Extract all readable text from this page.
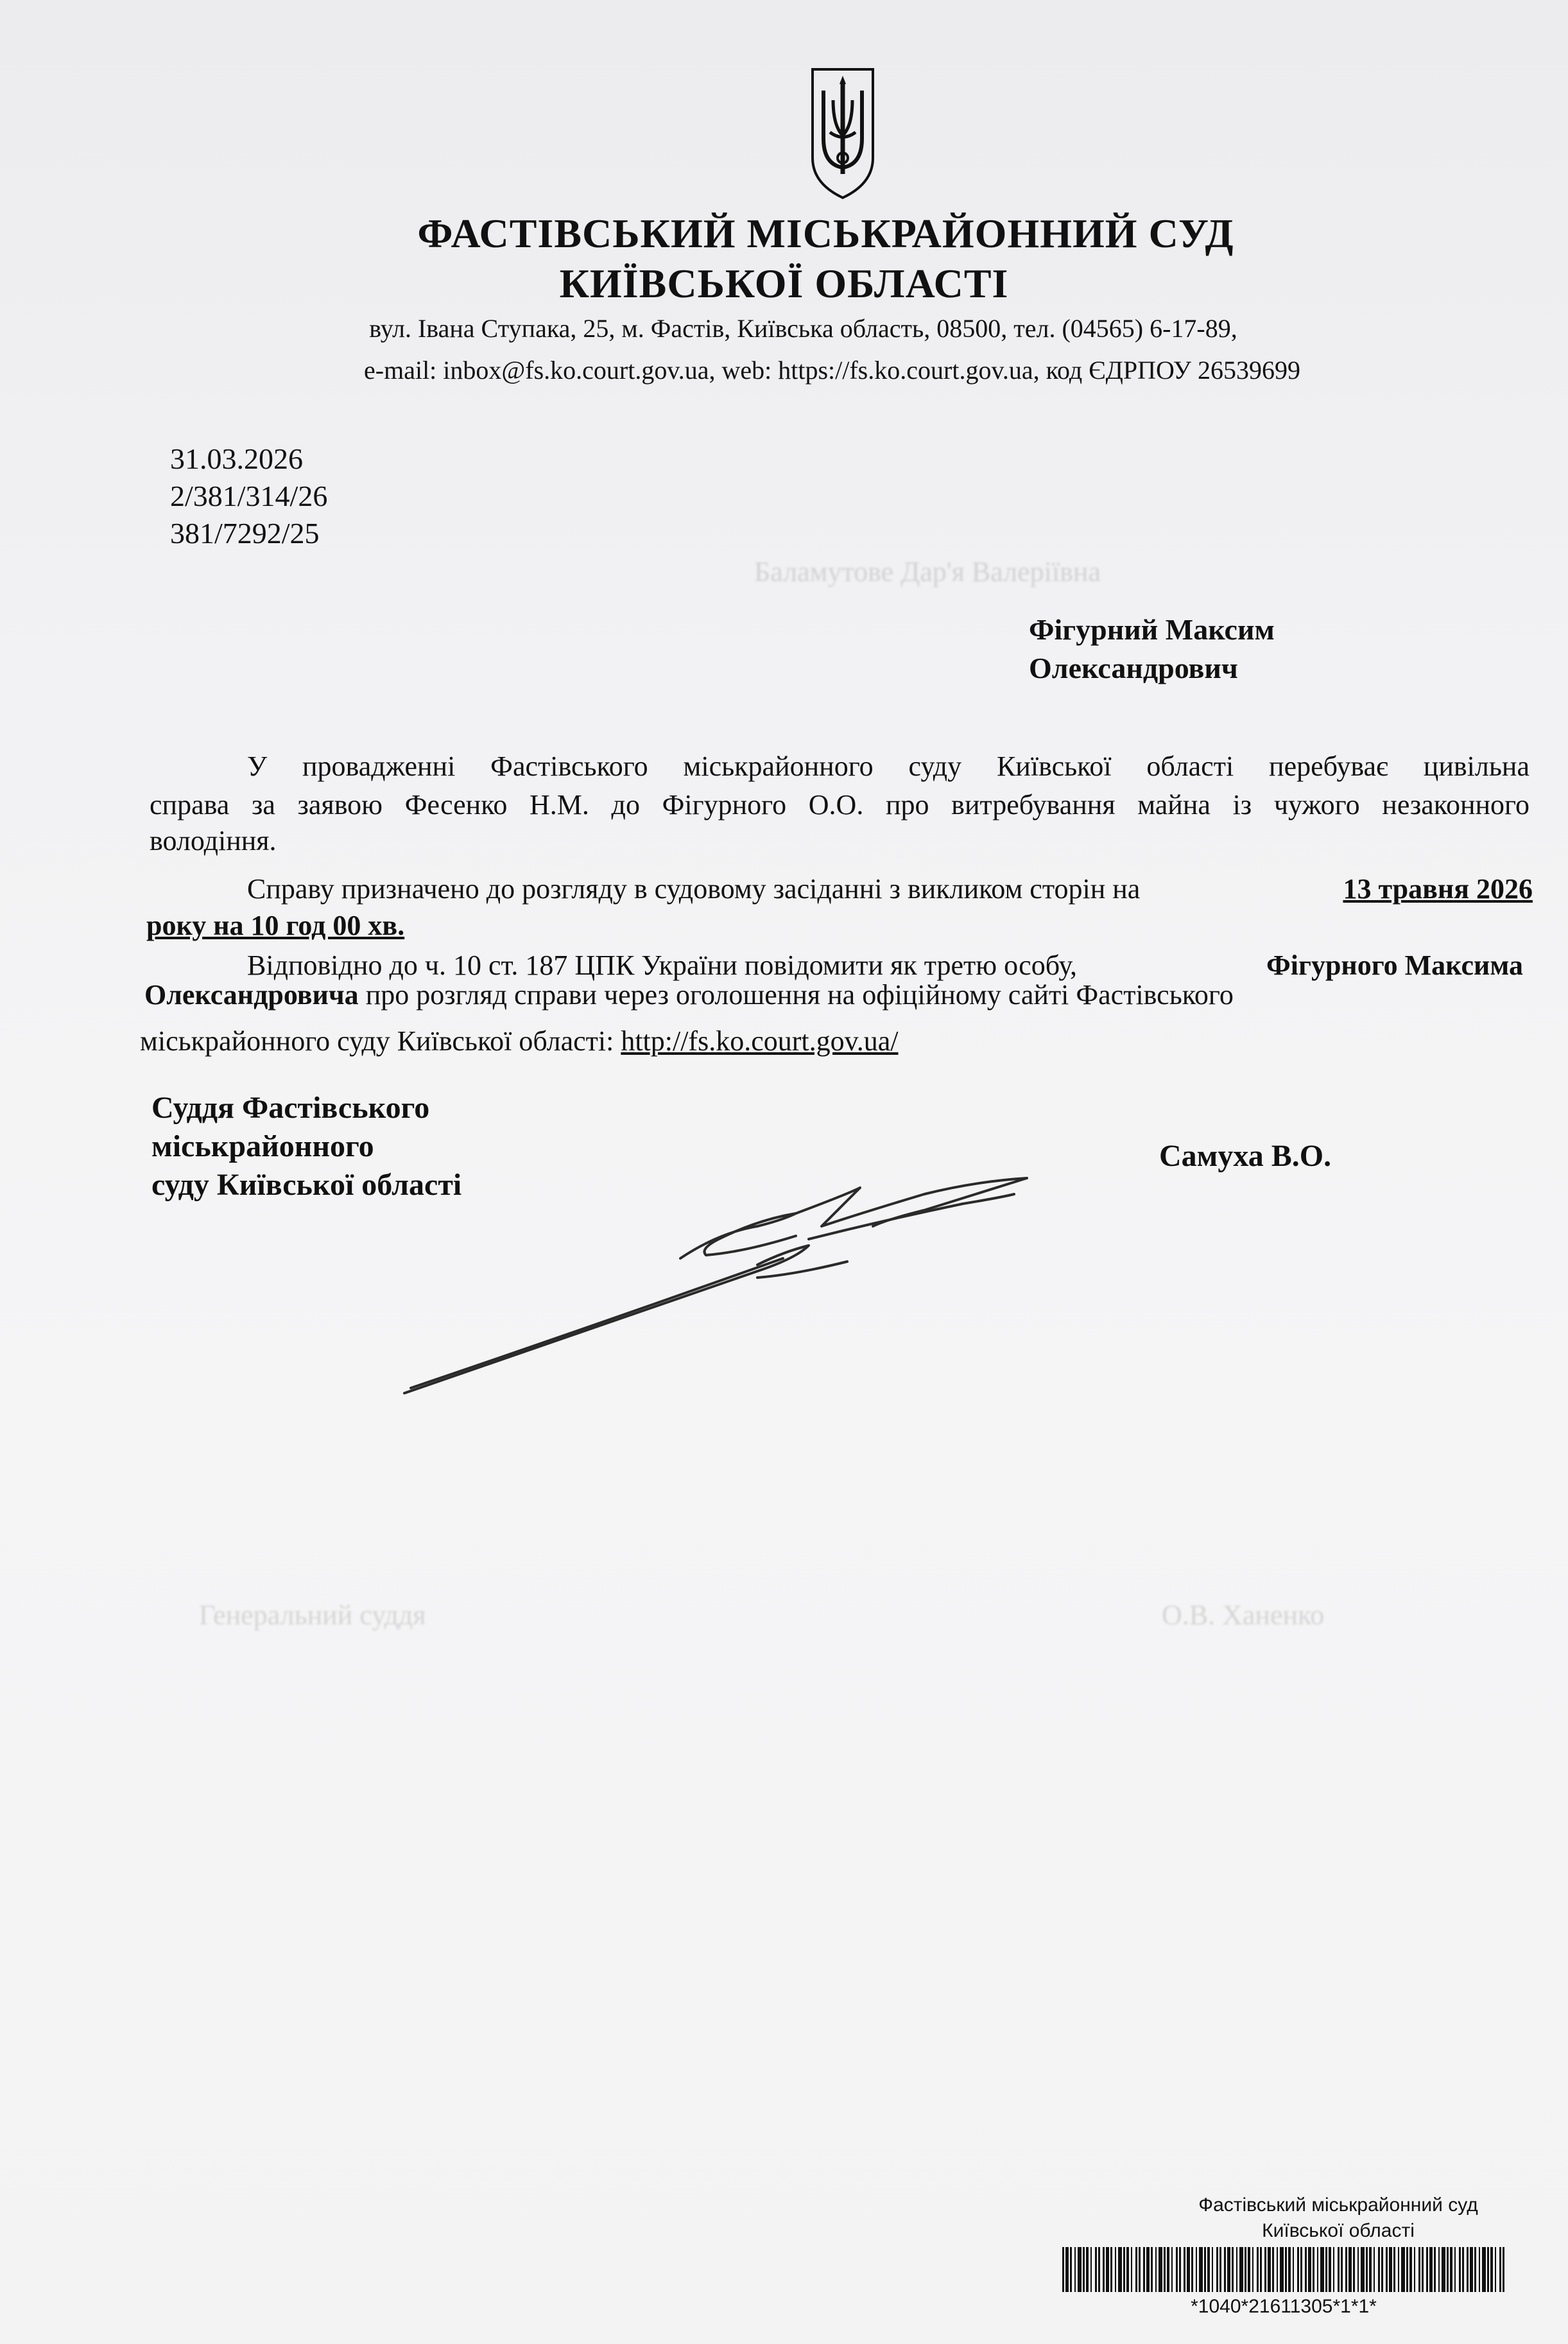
Баламутове Дар'я Валеріївна
Генеральний суддя	О.В. Ханенко
ФАСТІВСЬКИЙ МІСЬКРАЙОННИЙ СУД
КИЇВСЬКОЇ ОБЛАСТІ
вул. Івана Ступака, 25, м. Фастів, Київська область, 08500, тел. (04565) 6-17-89,
e-mail: inbox@fs.ko.court.gov.ua, web: https://fs.ko.court.gov.ua, код ЄДРПОУ 26539699
31.03.2026
2/381/314/26
381/7292/25
Фігурний Максим
Олександрович
У провадженні Фастівського міськрайонного суду Київської області перебуває цивільна
справа за заявою Фесенко Н.М. до Фігурного О.О. про витребування майна із чужого незаконного
володіння.
Справу призначено до розгляду в судовому засіданні з викликом сторін на	13 травня 2026
року на 10 год 00 хв.
Відповідно до ч. 10 ст. 187 ЦПК України повідомити як третю особу,	Фігурного Максима
Олександровича про розгляд справи через оголошення на офіційному сайті Фастівського
міськрайонного суду Київської області: http://fs.ko.court.gov.ua/
Суддя Фастівського
міськрайонного
суду Київської області
Самуха В.О.
Фастівський міськрайонний суд
Київської області
*1040*21611305*1*1*
